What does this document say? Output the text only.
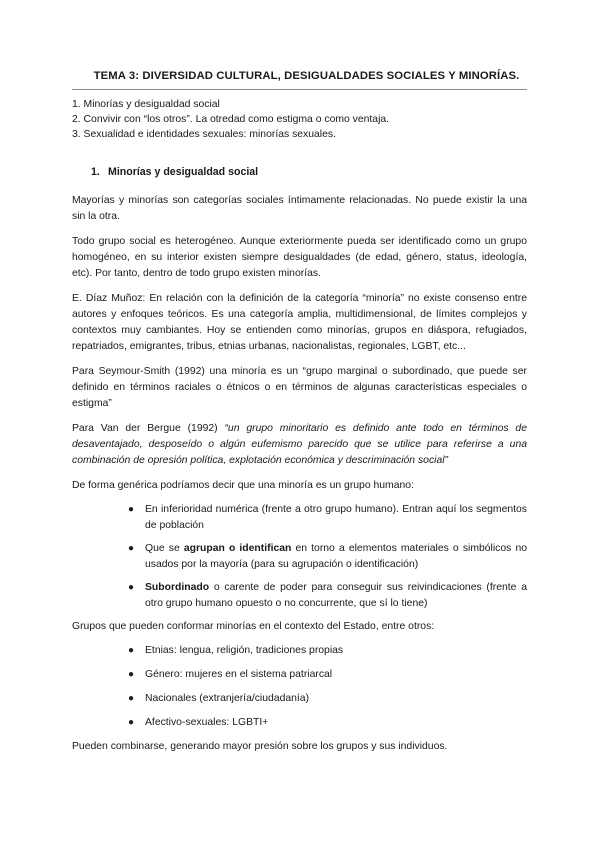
TEMA 3: DIVERSIDAD CULTURAL, DESIGUALDADES SOCIALES Y MINORÍAS.
1. Minorías y desigualdad social
2. Convivir con “los otros”. La otredad como estigma o como ventaja.
3. Sexualidad e identidades sexuales: minorías sexuales.
1. Minorías y desigualdad social

Mayorías y minorías son categorías sociales íntimamente relacionadas. No puede existir la una sin la otra.

Todo grupo social es heterogéneo. Aunque exteriormente pueda ser identificado como un grupo homogéneo, en su interior existen siempre desigualdades (de edad, género, status, ideología, etc). Por tanto, dentro de todo grupo existen minorías.

E. Díaz Muñoz: En relación con la definición de la categoría “minoría” no existe consenso entre autores y enfoques teóricos. Es una categoría amplia, multidimensional, de límites complejos y contextos muy cambiantes. Hoy se entienden como minorías, grupos en diáspora, refugiados, repatriados, emigrantes, tribus, etnias urbanas, nacionalistas, regionales, LGBT, etc...

Para Seymour-Smith (1992) una minoría es un “grupo marginal o subordinado, que puede ser definido en términos raciales o étnicos o en términos de algunas características especiales o estigma”

Para Van der Bergue (1992) “un grupo minoritario es definido ante todo en términos de desaventajado, desposeído o algún eufemismo parecido que se utilice para referirse a una combinación de opresión política, explotación económica y descriminación social”

De forma genérica podríamos decir que una minoría es un grupo humano:

● En inferioridad numérica (frente a otro grupo humano). Entran aquí los segmentos de población
● Que se agrupan o identifican en torno a elementos materiales o simbólicos no usados por la mayoría (para su agrupación o identificación)
● Subordinado o carente de poder para conseguir sus reivindicaciones (frente a otro grupo humano opuesto o no concurrente, que sí lo tiene)

Grupos que pueden conformar minorías en el contexto del Estado, entre otros:

● Etnias: lengua, religión, tradiciones propias
● Género: mujeres en el sistema patriarcal
● Nacionales (extranjería/ciudadanía)
● Afectivo-sexuales: LGBTI+

Pueden combinarse, generando mayor presión sobre los grupos y sus individuos.
